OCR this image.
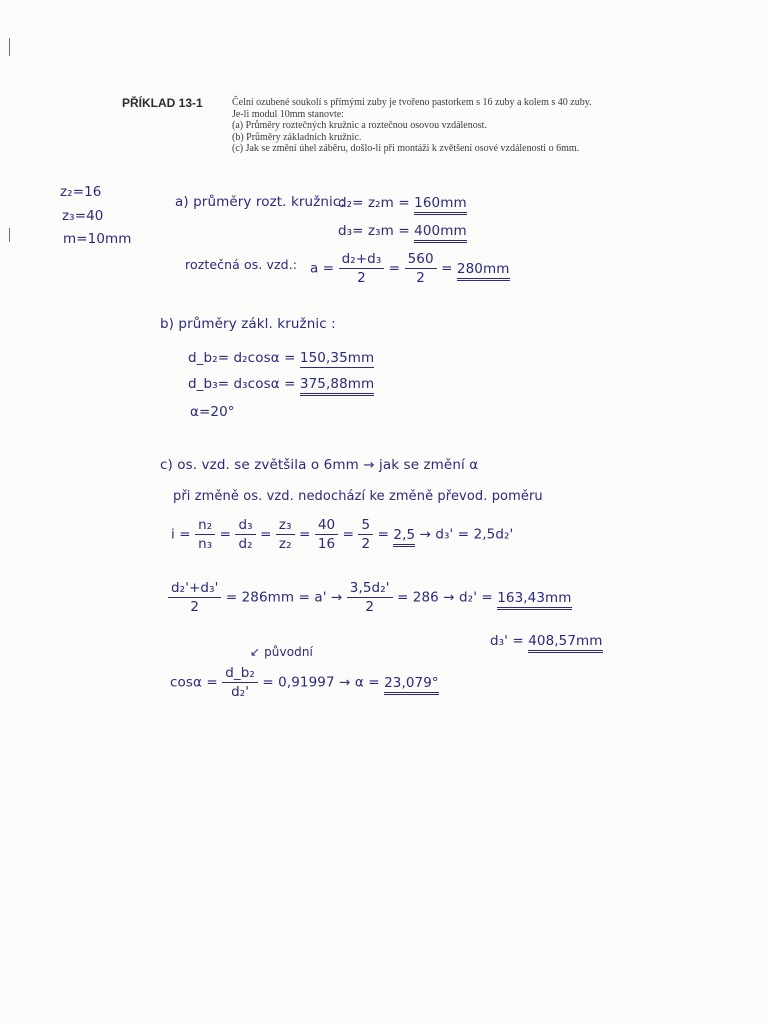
PŘÍKLAD 13-1	Čelní ozubené soukolí s přímými zuby je tvořeno pastorkem s 16 zuby a kolem s 40 zuby.
Je-li modul 10mm stanovte:
(a) Průměry roztečných kružnic a roztečnou osovou vzdálenost.
(b) Průměry základních kružnic.
(c) Jak se změní úhel záběru, došlo-li při montáži k zvětšení osové vzdálenosti o 6mm.
z₂=16
z₃=40
m=10mm
a) průměry rozt. kružnic:
d₂= z₂m = 160mm
d₃= z₃m = 400mm
roztečná os. vzd.: $a = \frac{\text{d₂+d₃}}{2} = \frac{560}{2} = 280mm$
b) průměry zákl. kružnic :
d_b₂= d₂cosα = 150,35mm
d_b₃= d₃cosα = 375,88mm
α=20°
c) os. vzd. se zvětšila o 6mm → jak se změní α
při změně os. vzd. nedochází ke změně převod. poměru
$i = \frac{\text{n₂}}{\text{n₃}} = \frac{\text{d₃}}{\text{d₂}} = \frac{\text{z₃}}{\text{z₂}} = \frac{40}{16} = \frac{5}{2} = 2,5 \to d_3' = 2,5d_2'$
$\frac{\text{d₂'+d₃'}}{2} = 286mm = a' \to \frac{\text{3,5d₂'}}{2} = 286 \to d_2' = 163,43mm$
d₃' = 408,57mm
↙ původní
$\cos\alpha = \frac{\text{d\_b₂}}{\text{d₂'}} = 0,91997 \to \alpha = 23,079^\circ$
